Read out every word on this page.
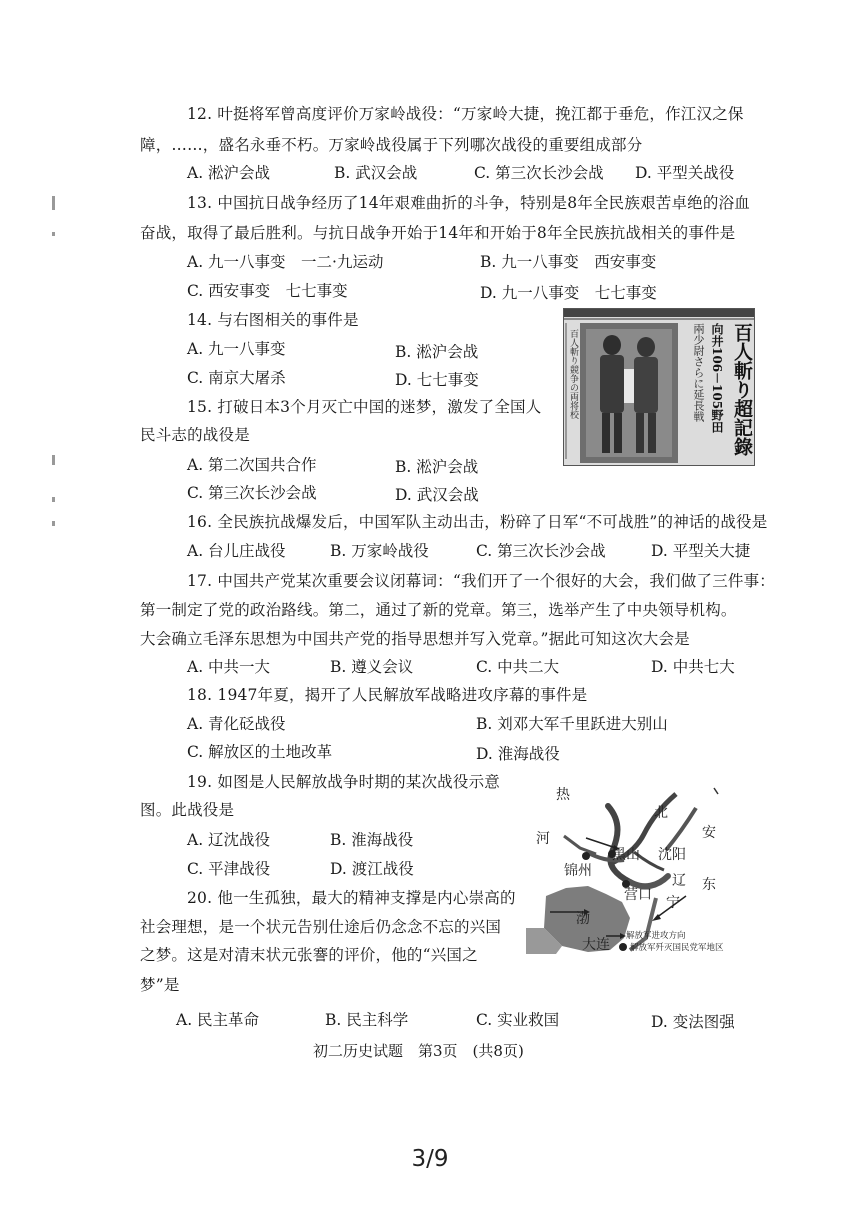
12. 叶挺将军曾高度评价万家岭战役：“万家岭大捷，挽江都于垂危，作江汉之保
障，……，盛名永垂不朽。万家岭战役属于下列哪次战役的重要组成部分
A. 淞沪会战	B. 武汉会战	C. 第三次长沙会战 D. 平型关战役
13. 中国抗日战争经历了14年艰难曲折的斗争，特别是8年全民族艰苦卓绝的浴血
奋战，取得了最后胜利。与抗日战争开始于14年和开始于8年全民族抗战相关的事件是
A. 九一八事变　一二·九运动	B. 九一八事变　西安事变
C. 西安事变　七七事变	D. 九一八事变　七七事变
14. 与右图相关的事件是
A. 九一八事变	B. 淞沪会战
C. 南京大屠杀	D. 七七事变	百人斬り競争の両将校	百人斬り超記錄
向井106－105野田
兩少尉さらに延長戦
15. 打破日本3个月灭亡中国的迷梦，激发了全国人
民斗志的战役是
A. 第二次国共合作	B. 淞沪会战
C. 第三次长沙会战	D. 武汉会战
16. 全民族抗战爆发后，中国军队主动出击，粉碎了日军“不可战胜”的神话的战役是
A. 台儿庄战役	B. 万家岭战役	C. 第三次长沙会战	D. 平型关大捷
17. 中国共产党某次重要会议闭幕词：“我们开了一个很好的大会，我们做了三件事：
第一制定了党的政治路线。第二，通过了新的党章。第三，选举产生了中央领导机构。
大会确立毛泽东思想为中国共产党的指导思想并写入党章。”据此可知这次大会是
A. 中共一大	B. 遵义会议	C. 中共二大	D. 中共七大
18. 1947年夏，揭开了人民解放军战略进攻序幕的事件是
A. 青化砭战役	B. 刘邓大军千里跃进大别山
C. 解放区的土地改革	D. 淮海战役
19. 如图是人民解放战争时期的某次战役示意
图。此战役是
A. 辽沈战役	B. 淮海战役
C. 平津战役	D. 渡江战役
热
北
河	安
黑山 沈阳
锦州
辽 东
营口 宁
渤
大连
解放军进攻方向
解放军歼灭国民党军地区
20. 他一生孤独，最大的精神支撑是内心崇高的
社会理想，是一个状元告别仕途后仍念念不忘的兴国
之梦。这是对清末状元张謇的评价，他的“兴国之
梦”是
A. 民主革命	B. 民主科学	C. 实业救国	D. 变法图强
初二历史试题　第3页　(共8页)
3/9
